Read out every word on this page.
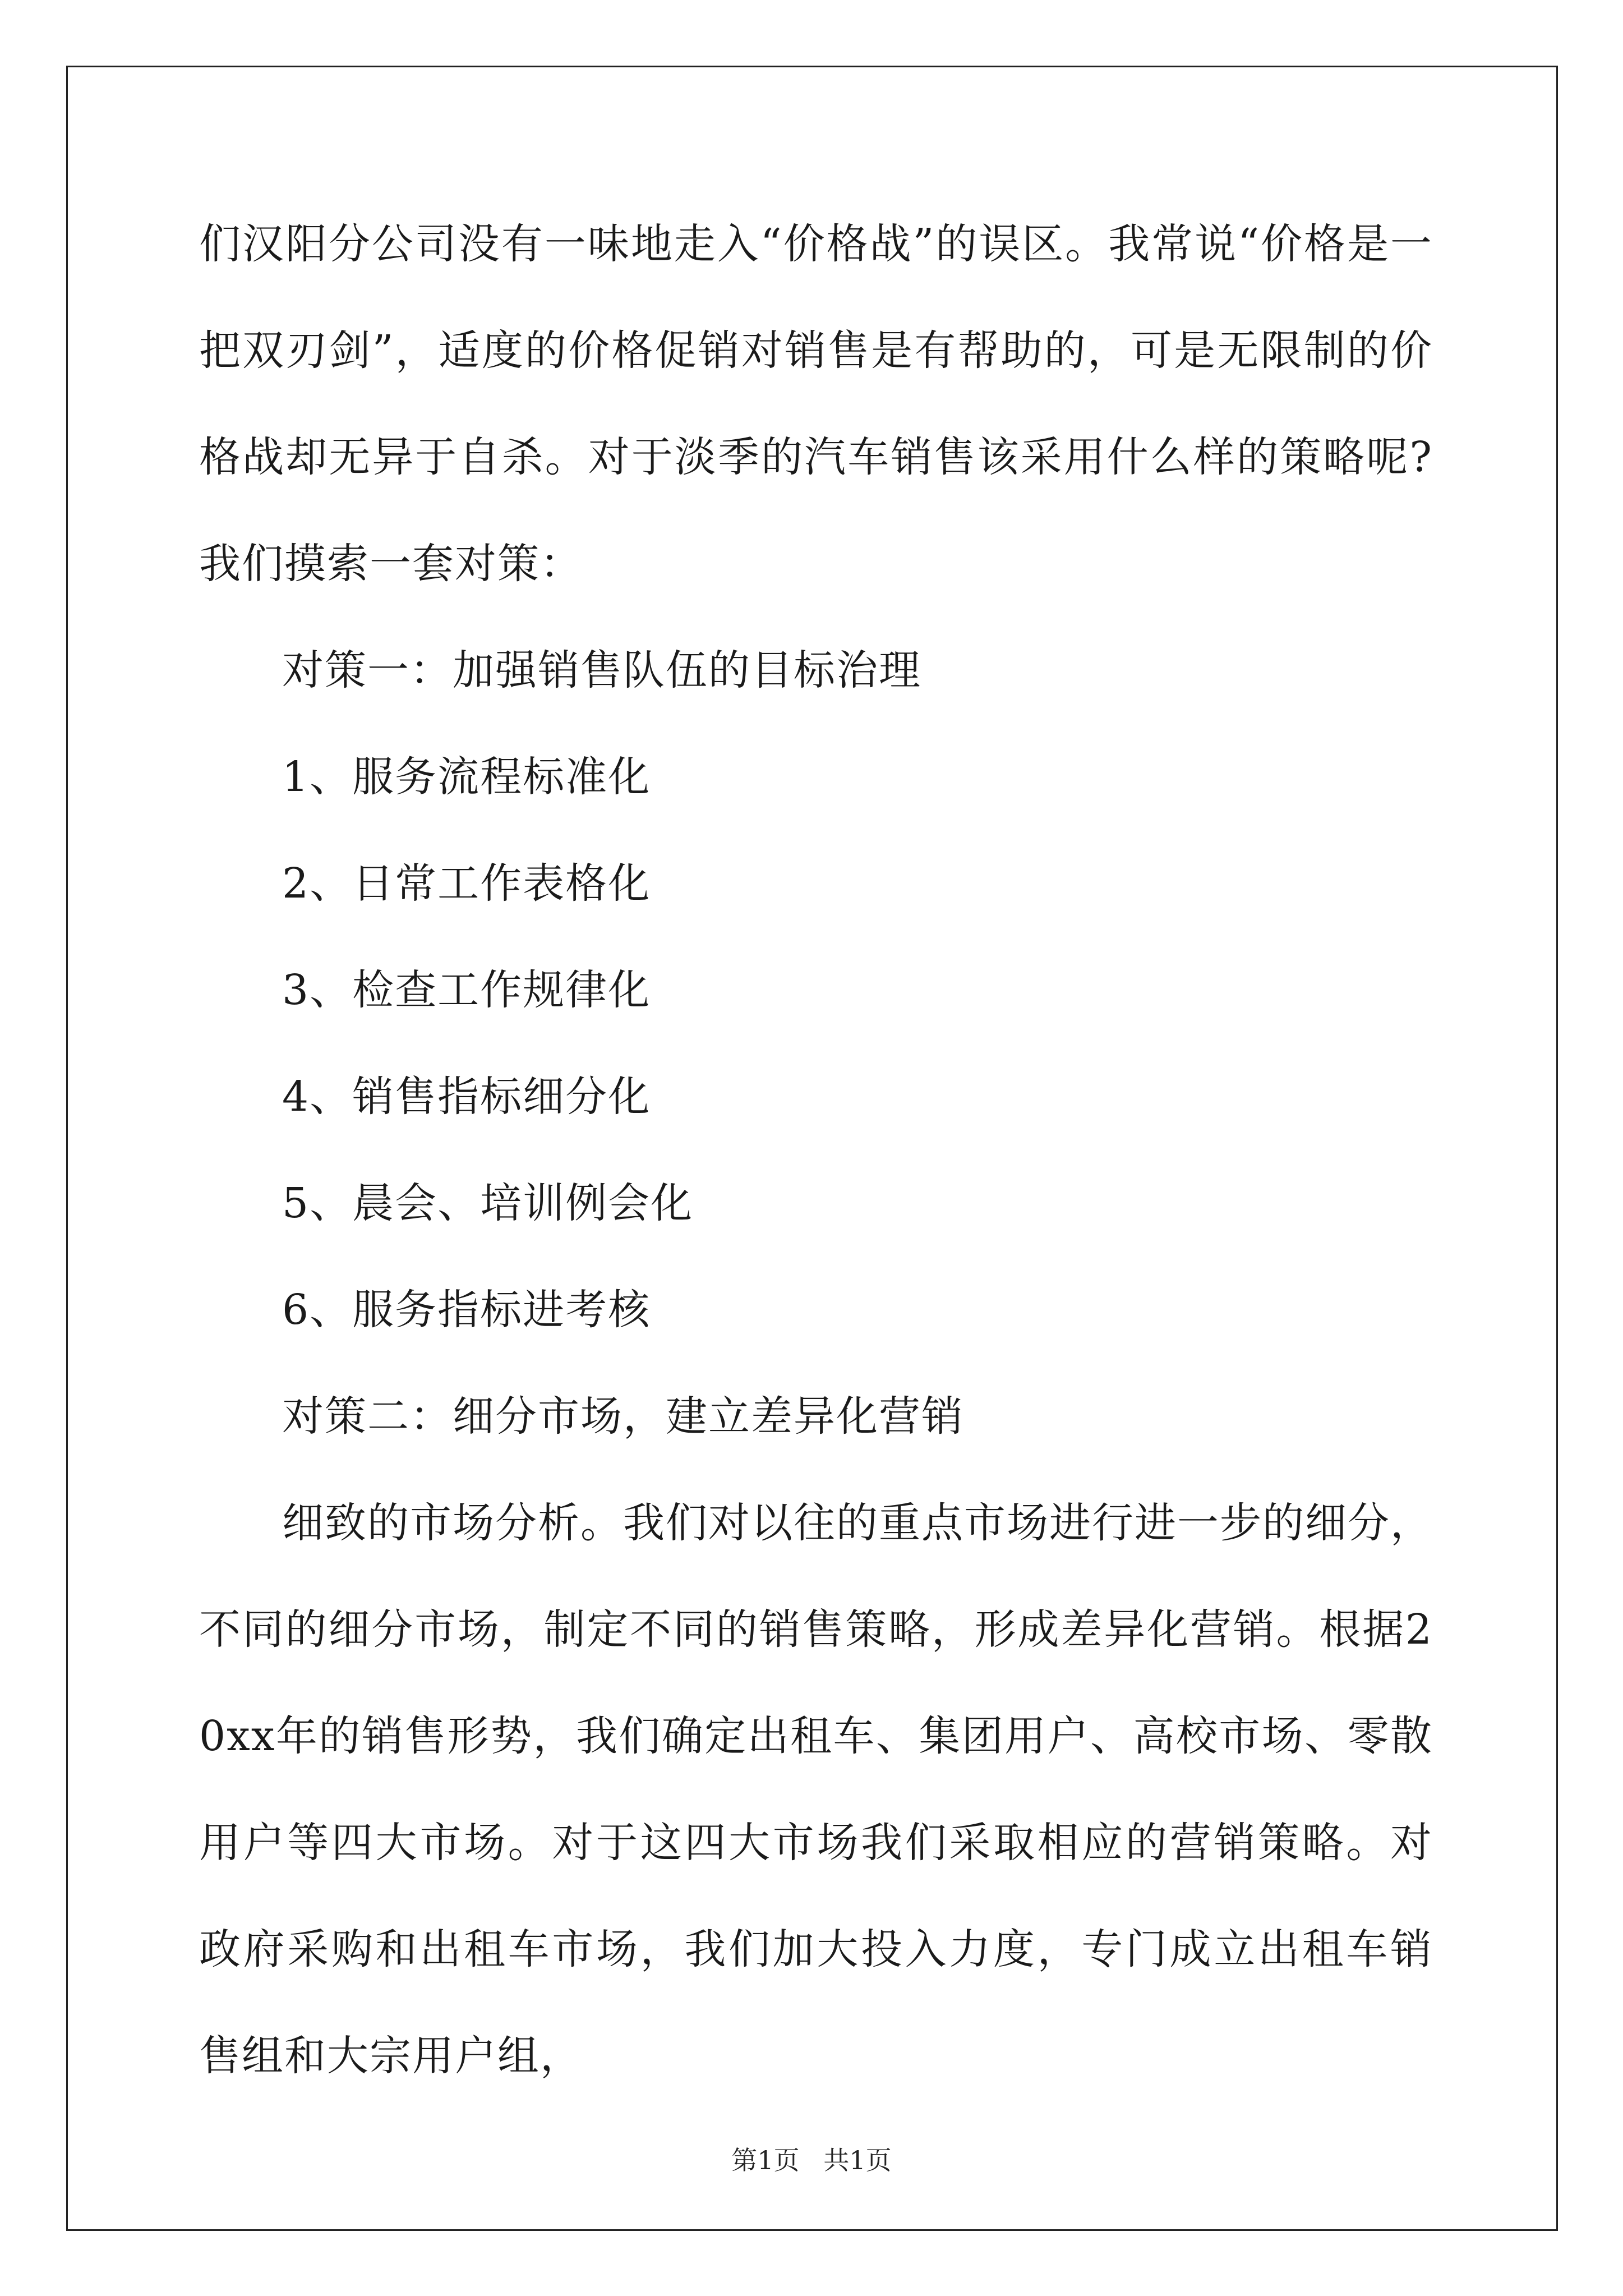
们汉阳分公司没有一味地走入“价格战”的误区。我常说“价格是一把双刃剑”，适度的价格促销对销售是有帮助的，可是无限制的价格战却无异于自杀。对于淡季的汽车销售该采用什么样的策略呢?我们摸索一套对策：

对策一：加强销售队伍的目标治理

1、服务流程标准化

2、日常工作表格化

3、检查工作规律化

4、销售指标细分化

5、晨会、培训例会化

6、服务指标进考核

对策二：细分市场，建立差异化营销

细致的市场分析。我们对以往的重点市场进行进一步的细分，不同的细分市场，制定不同的销售策略，形成差异化营销。根据20xx年的销售形势，我们确定出租车、集团用户、高校市场、零散用户等四大市场。对于这四大市场我们采取相应的营销策略。对政府采购和出租车市场，我们加大投入力度，专门成立出租车销售组和大宗用户组，

第1页 共1页
